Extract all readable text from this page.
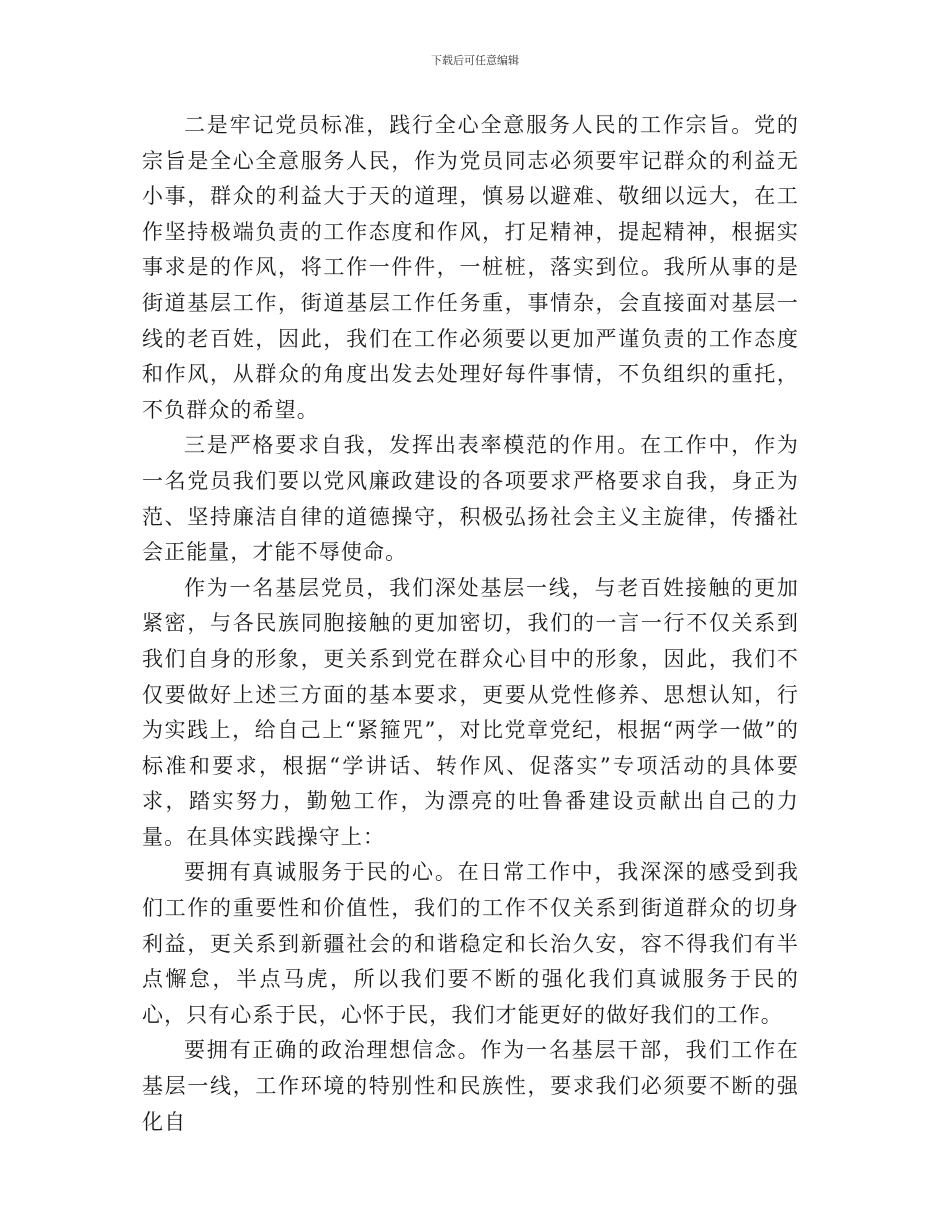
下载后可任意编辑

二是牢记党员标准，践行全心全意服务人民的工作宗旨。党的宗旨是全心全意服务人民，作为党员同志必须要牢记群众的利益无小事，群众的利益大于天的道理，慎易以避难、敬细以远大，在工作坚持极端负责的工作态度和作风，打足精神，提起精神，根据实事求是的作风，将工作一件件，一桩桩，落实到位。我所从事的是街道基层工作，街道基层工作任务重，事情杂，会直接面对基层一线的老百姓，因此，我们在工作必须要以更加严谨负责的工作态度和作风，从群众的角度出发去处理好每件事情，不负组织的重托，不负群众的希望。

三是严格要求自我，发挥出表率模范的作用。在工作中，作为一名党员我们要以党风廉政建设的各项要求严格要求自我，身正为范、坚持廉洁自律的道德操守，积极弘扬社会主义主旋律，传播社会正能量，才能不辱使命。

作为一名基层党员，我们深处基层一线，与老百姓接触的更加紧密，与各民族同胞接触的更加密切，我们的一言一行不仅关系到我们自身的形象，更关系到党在群众心目中的形象，因此，我们不仅要做好上述三方面的基本要求，更要从党性修养、思想认知，行为实践上，给自己上“紧箍咒”，对比党章党纪，根据“两学一做”的标准和要求，根据“学讲话、转作风、促落实”专项活动的具体要求，踏实努力，勤勉工作，为漂亮的吐鲁番建设贡献出自己的力量。在具体实践操守上：

要拥有真诚服务于民的心。在日常工作中，我深深的感受到我们工作的重要性和价值性，我们的工作不仅关系到街道群众的切身利益，更关系到新疆社会的和谐稳定和长治久安，容不得我们有半点懈怠，半点马虎，所以我们要不断的强化我们真诚服务于民的心，只有心系于民，心怀于民，我们才能更好的做好我们的工作。

要拥有正确的政治理想信念。作为一名基层干部，我们工作在基层一线，工作环境的特别性和民族性，要求我们必须要不断的强化自
